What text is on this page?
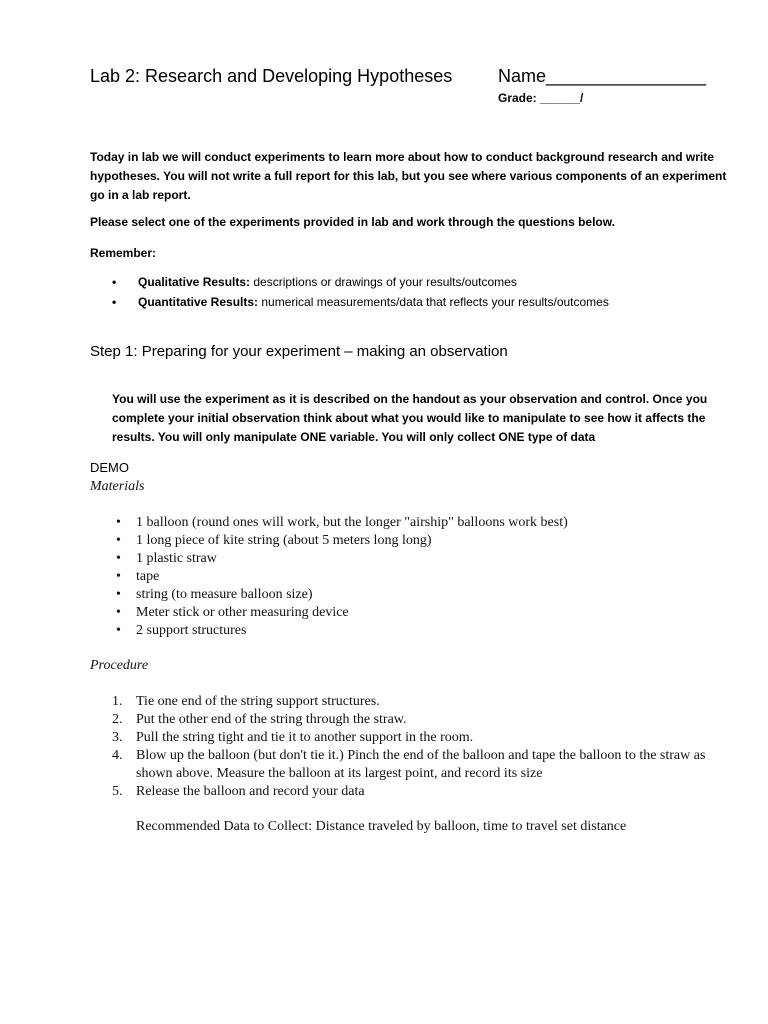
Lab 2: Research and Developing Hypotheses	Name________________
Grade: ______/
Today in lab we will conduct experiments to learn more about how to conduct background research and write hypotheses. You will not write a full report for this lab, but you see where various components of an experiment go in a lab report.
Please select one of the experiments provided in lab and work through the questions below.
Remember:
• Qualitative Results: descriptions or drawings of your results/outcomes
• Quantitative Results: numerical measurements/data that reflects your results/outcomes
Step 1: Preparing for your experiment – making an observation
You will use the experiment as it is described on the handout as your observation and control. Once you complete your initial observation think about what you would like to manipulate to see how it affects the results. You will only manipulate ONE variable. You will only collect ONE type of data
DEMO
Materials
• 1 balloon (round ones will work, but the longer "airship" balloons work best)
• 1 long piece of kite string (about 5 meters long long)
• 1 plastic straw
• tape
• string (to measure balloon size)
• Meter stick or other measuring device
• 2 support structures
Procedure
1. Tie one end of the string support structures.
2. Put the other end of the string through the straw.
3. Pull the string tight and tie it to another support in the room.
4. Blow up the balloon (but don't tie it.) Pinch the end of the balloon and tape the balloon to the straw as shown above. Measure the balloon at its largest point, and record its size
5. Release the balloon and record your data
Recommended Data to Collect: Distance traveled by balloon, time to travel set distance
